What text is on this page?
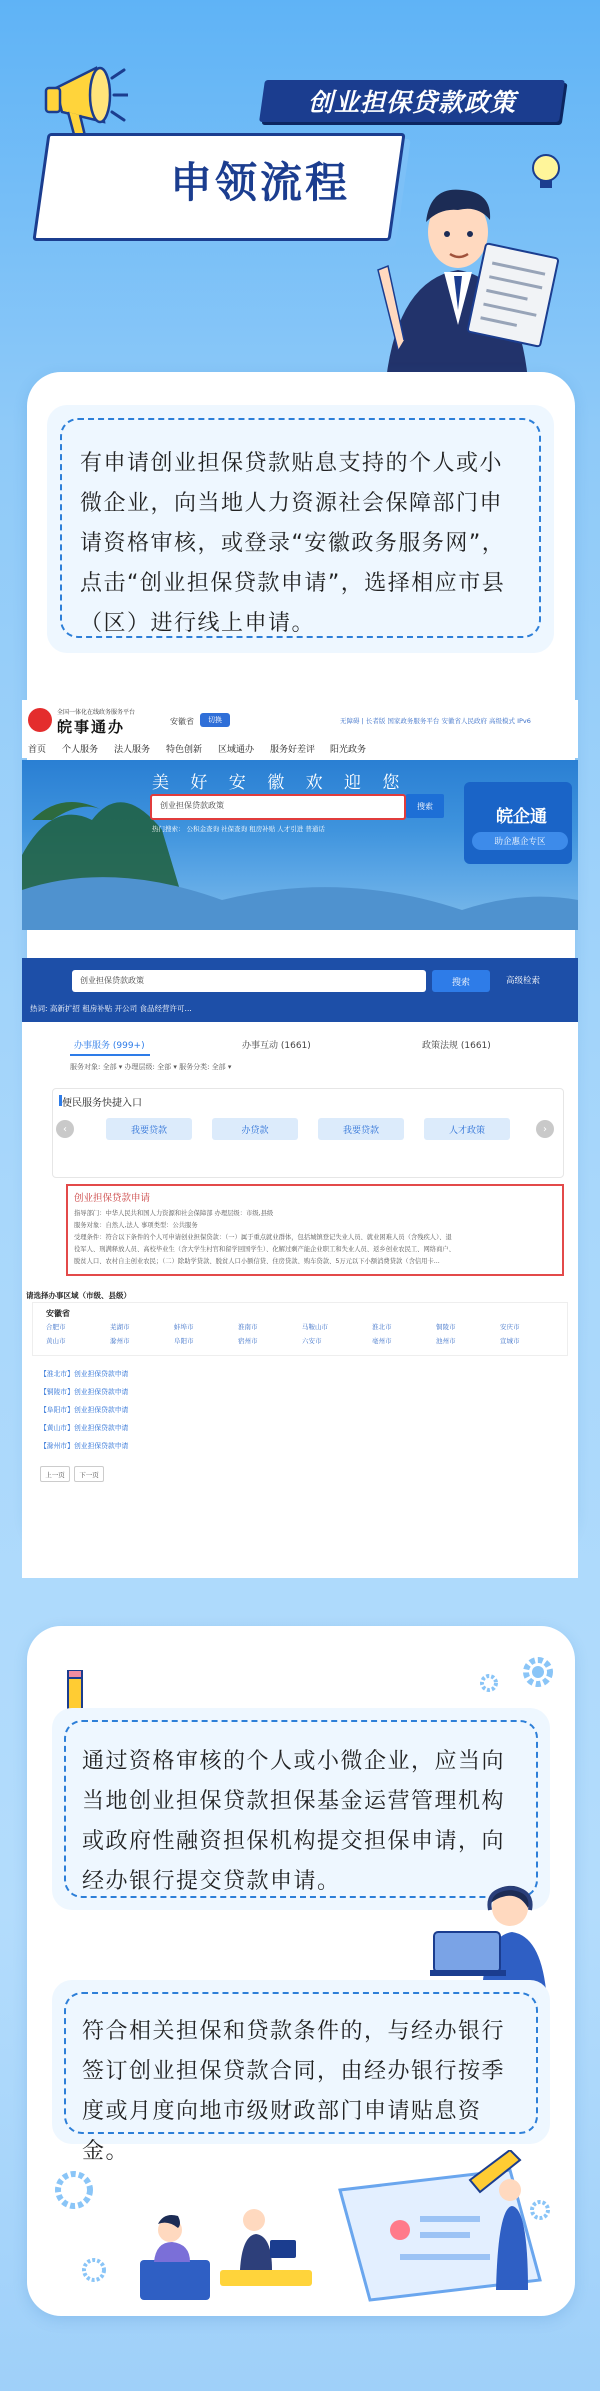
创业担保贷款政策
申领流程
有申请创业担保贷款贴息支持的个人或小微企业，向当地人力资源社会保障部门申请资格审核，或登录“安徽政务服务网”，点击“创业担保贷款申请”，选择相应市县（区）进行线上申请。
全国一体化在线政务服务平台
皖事通办	安徽省	切换	无障碍 | 长者版 国家政务服务平台 安徽省人民政府 高级模式 IPv6
首页 个人服务 法人服务 特色创新 区域通办 服务好差评 阳光政务
美 好 安 徽 欢 迎 您
创业担保贷款政策	搜索
热门搜索： 公积金查询 社保查询 租房补贴 人才引进 普通话
皖企通
助企惠企专区
创业担保贷款政策	搜索	高级检索
热词: 高新扩招 租房补贴 开公司 食品经营许可...
办事服务 (999+)	办事互动 (1661)	政策法规 (1661)
服务对象: 全部 ▾ 办理层级: 全部 ▾ 服务分类: 全部 ▾
便民服务快捷入口
‹	我要贷款	办贷款	我要贷款	人才政策	›
创业担保贷款申请
指导部门：中华人民共和国人力资源和社会保障部 办理层级：市级,县级
服务对象：自然人,法人 事项类型：公共服务
受理条件：符合以下条件的个人可申请创业担保贷款：（一）属于重点就业群体，包括城镇登记失业人员、就业困难人员（含残疾人）、退
役军人、刑满释放人员、高校毕业生（含大学生村官和留学回国学生）、化解过剩产能企业职工和失业人员、返乡创业农民工、网络商户、
脱贫人口、农村自主创业农民；（二）除助学贷款、脱贫人口小额信贷、住房贷款、购车贷款、5万元以下小额消费贷款（含信用卡...
请选择办事区域（市级、县级）
安徽省
合肥市	芜湖市	蚌埠市	淮南市	马鞍山市	淮北市	铜陵市	安庆市
黄山市	滁州市	阜阳市	宿州市	六安市	亳州市	池州市	宣城市
【淮北市】创业担保贷款申请
【铜陵市】创业担保贷款申请
【阜阳市】创业担保贷款申请
【黄山市】创业担保贷款申请
【滁州市】创业担保贷款申请
上一页	下一页
通过资格审核的个人或小微企业，应当向当地创业担保贷款担保基金运营管理机构或政府性融资担保机构提交担保申请，向经办银行提交贷款申请。
符合相关担保和贷款条件的，与经办银行签订创业担保贷款合同，由经办银行按季度或月度向地市级财政部门申请贴息资金。
